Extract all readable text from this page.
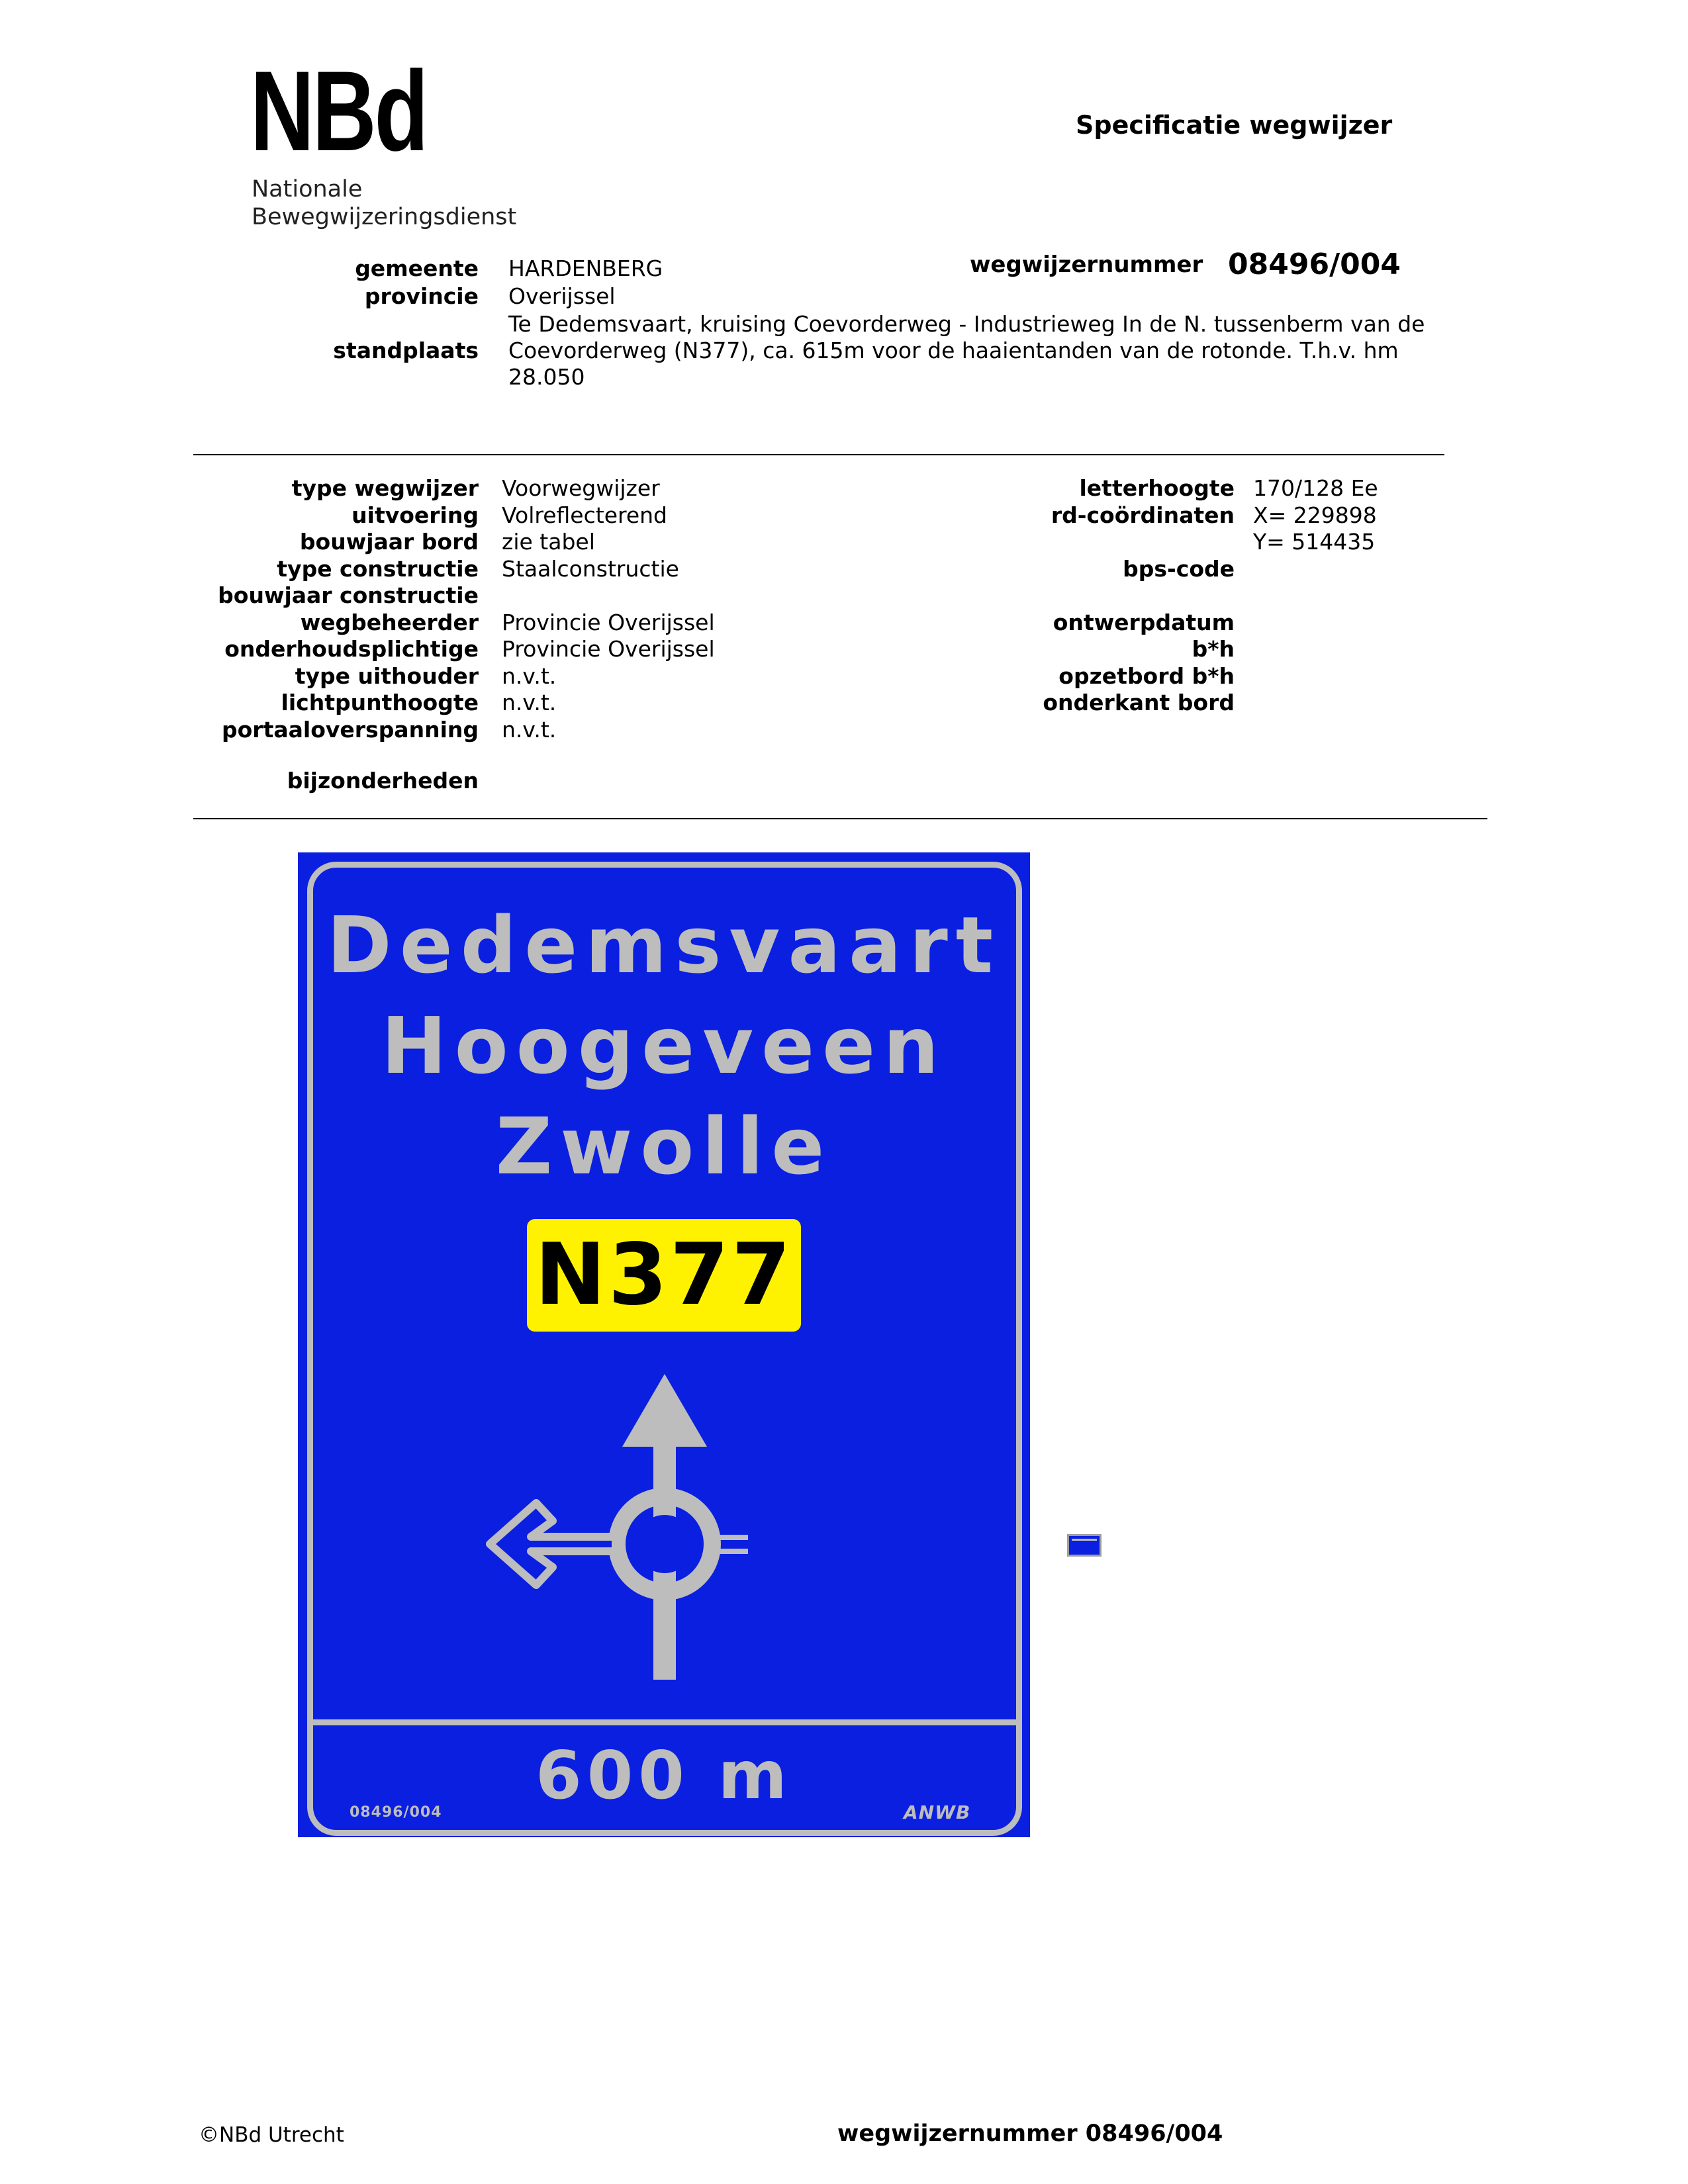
NBd
Nationale
Bewegwijzeringsdienst
Specificatie wegwijzer
gemeente HARDENBERG
provincie Overijssel
Te Dedemsvaart, kruising Coevorderweg - Industrieweg In de N. tussenberm van de
standplaats Coevorderweg (N377), ca. 615m voor de haaientanden van de rotonde. T.h.v. hm
28.050
wegwijzernummer 08496/004
type wegwijzer Voorwegwijzer
uitvoering Volreflecterend
bouwjaar bord zie tabel
type constructie Staalconstructie
bouwjaar constructie
wegbeheerder Provincie Overijssel
onderhoudsplichtige Provincie Overijssel
type uithouder n.v.t.
lichtpunthoogte n.v.t.
portaaloverspanning n.v.t.
bijzonderheden
letterhoogte 170/128 Ee
rd-coördinaten X= 229898
Y= 514435
bps-code
ontwerpdatum
b*h
opzetbord b*h
onderkant bord
Dedemsvaart
Hoogeveen
Zwolle
N377
600 m
08496/004	ANWB
©NBd Utrecht	wegwijzernummer 08496/004
